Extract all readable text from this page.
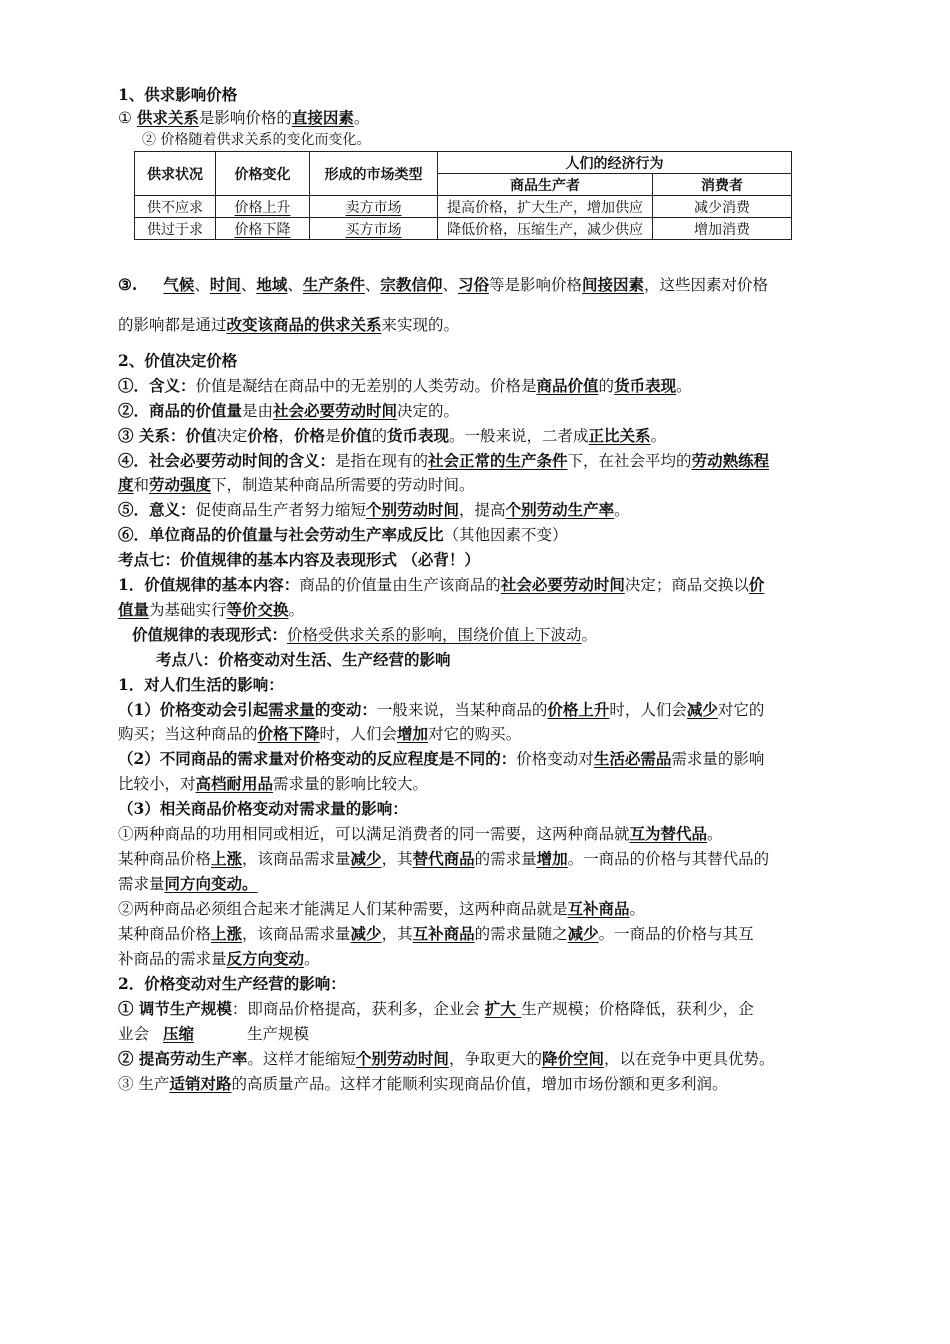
1、供求影响价格
① 供求关系是影响价格的直接因素。
② 价格随着供求关系的变化而变化。
供求状况	价格变化	形成的市场类型	人们的经济行为	
			商品生产者	消费者
供不应求	价格上升	卖方市场	提高价格，扩大生产，增加供应	减少消费
供过于求	价格下降	买方市场	降低价格，压缩生产，减少供应	增加消费
③. 气候、时间、地域、生产条件、宗教信仰、习俗等是影响价格间接因素，这些因素对价格
的影响都是通过改变该商品的供求关系来实现的。
2、价值决定价格
①．含义：价值是凝结在商品中的无差别的人类劳动。价格是商品价值的货币表现。
②．商品的价值量是由社会必要劳动时间决定的。
③ 关系：价值决定价格，价格是价值的货币表现。一般来说，二者成正比关系。
④．社会必要劳动时间的含义：是指在现有的社会正常的生产条件下，在社会平均的劳动熟练程
度和劳动强度下，制造某种商品所需要的劳动时间。
⑤．意义：促使商品生产者努力缩短个别劳动时间，提高个别劳动生产率。
⑥．单位商品的价值量与社会劳动生产率成反比（其他因素不变）
考点七：价值规律的基本内容及表现形式 （必背！）
1．价值规律的基本内容：商品的价值量由生产该商品的社会必要劳动时间决定；商品交换以价
值量为基础实行等价交换。
价值规律的表现形式：价格受供求关系的影响，围绕价值上下波动。
考点八：价格变动对生活、生产经营的影响
1．对人们生活的影响：
（1）价格变动会引起需求量的变动：一般来说，当某种商品的价格上升时，人们会减少对它的
购买；当这种商品的价格下降时，人们会增加对它的购买。
（2）不同商品的需求量对价格变动的反应程度是不同的：价格变动对生活必需品需求量的影响
比较小，对高档耐用品需求量的影响比较大。
（3）相关商品价格变动对需求量的影响：
①两种商品的功用相同或相近，可以满足消费者的同一需要，这两种商品就互为替代品。
某种商品价格上涨，该商品需求量减少，其替代商品的需求量增加。一商品的价格与其替代品的
需求量同方向变动。
②两种商品必须组合起来才能满足人们某种需要，这两种商品就是互补商品。
某种商品价格上涨，该商品需求量减少，其互补商品的需求量随之减少。一商品的价格与其互
补商品的需求量反方向变动。
2．价格变动对生产经营的影响：
① 调节生产规模：即商品价格提高，获利多，企业会 扩大 生产规模；价格降低，获利少，企
业会 压缩	生产规模
② 提高劳动生产率。这样才能缩短个别劳动时间，争取更大的降价空间，以在竞争中更具优势。
③ 生产适销对路的高质量产品。这样才能顺利实现商品价值，增加市场份额和更多利润。
